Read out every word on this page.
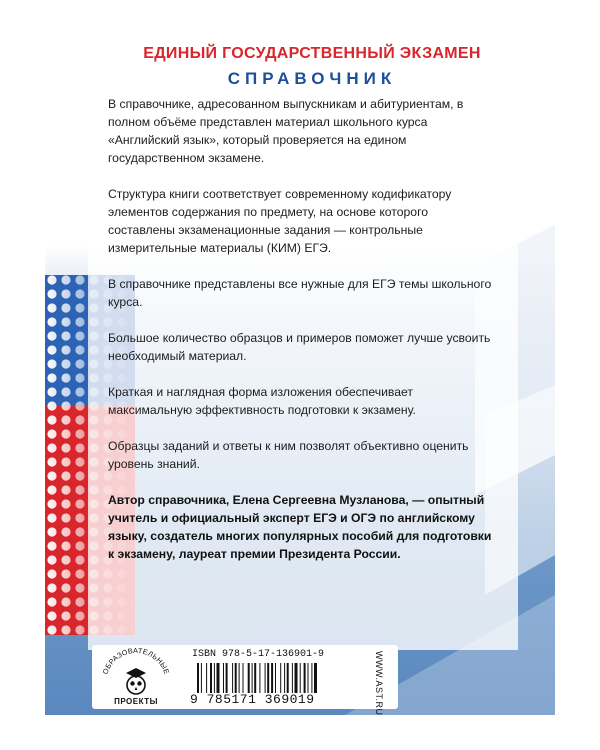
ЕДИНЫЙ ГОСУДАРСТВЕННЫЙ ЭКЗАМЕН
СПРАВОЧНИК

В справочнике, адресованном выпускникам и абитуриентам, в полном объёме представлен материал школьного курса «Английский язык», который проверяется на едином государственном экзамене.

Структура книги соответствует современному кодификатору элементов содержания по предмету, на основе которого составлены экзаменационные задания — контрольные измерительные материалы (КИМ) ЕГЭ.

В справочнике представлены все нужные для ЕГЭ темы школьного курса.

Большое количество образцов и примеров поможет лучше усвоить необходимый материал.

Краткая и наглядная форма изложения обеспечивает максимальную эффективность подготовки к экзамену.

Образцы заданий и ответы к ним позволят объективно оценить уровень знаний.

Автор справочника, Елена Сергеевна Музланова, — опытный учитель и официальный эксперт ЕГЭ и ОГЭ по английскому языку, создатель многих популярных пособий для подготовки к экзамену, лауреат премии Президента России.
ОБРАЗОВАТЕЛЬНЫЕ
ПРОЕКТЫ
ISBN 978-5-17-136901-9
9 785171 369019	WWW.AST.RU
